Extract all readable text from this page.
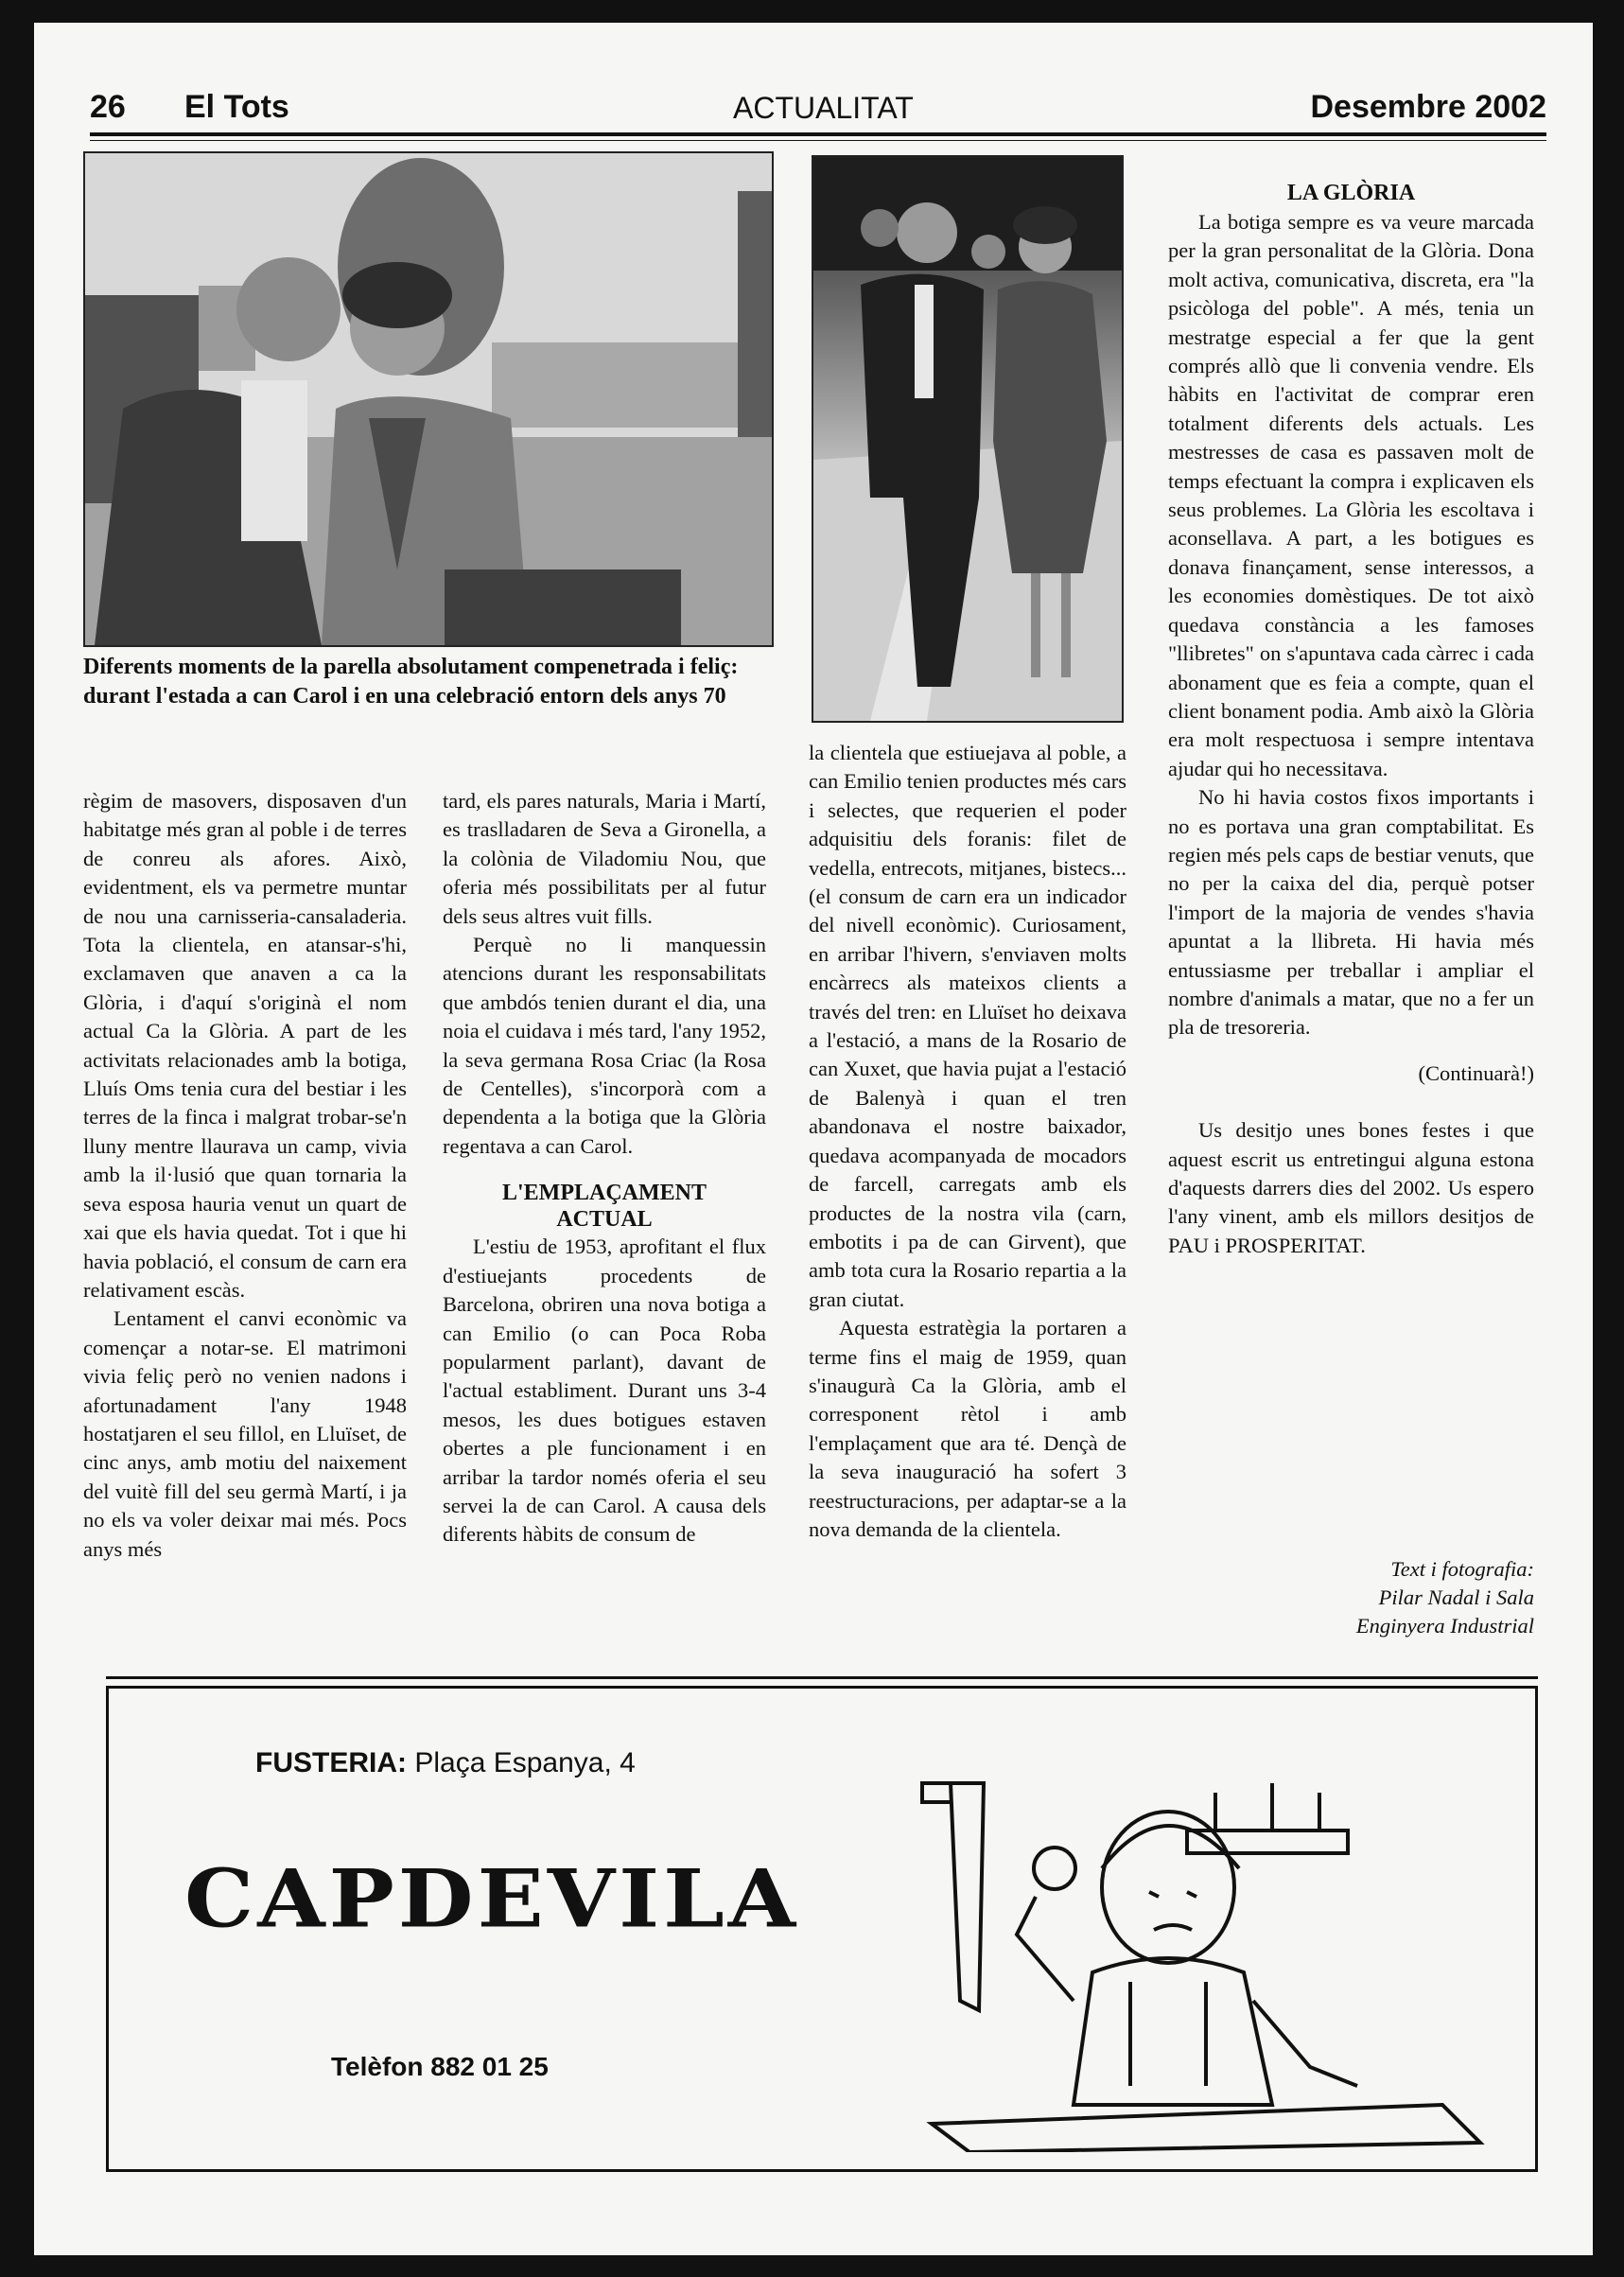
26 El Tots	ACTUALITAT	Desembre 2002
Diferents moments de la parella absolutament compenetrada i feliç: durant l'estada a can Carol i en una celebració entorn dels anys 70

règim de masovers, disposaven d'un habitatge més gran al poble i de terres de conreu als afores. Això, evidentment, els va permetre muntar de nou una carnisseria-cansaladeria. Tota la clientela, en atansar-s'hi, exclamaven que anaven a ca la Glòria, i d'aquí s'originà el nom actual Ca la Glòria. A part de les activitats relacionades amb la botiga, Lluís Oms tenia cura del bestiar i les terres de la finca i malgrat trobar-se'n lluny mentre llaurava un camp, vivia amb la il·lusió que quan tornaria la seva esposa hauria venut un quart de xai que els havia quedat. Tot i que hi havia població, el consum de carn era relativament escàs.

Lentament el canvi econòmic va començar a notar-se. El matrimoni vivia feliç però no venien nadons i afortunadament l'any 1948 hostatjaren el seu fillol, en Lluïset, de cinc anys, amb motiu del naixement del vuitè fill del seu germà Martí, i ja no els va voler deixar mai més. Pocs anys més

tard, els pares naturals, Maria i Martí, es traslladaren de Seva a Gironella, a la colònia de Viladomiu Nou, que oferia més possibilitats per al futur dels seus altres vuit fills.

Perquè no li manquessin atencions durant les responsabilitats que ambdós tenien durant el dia, una noia el cuidava i més tard, l'any 1952, la seva germana Rosa Criac (la Rosa de Centelles), s'incorporà com a dependenta a la botiga que la Glòria regentava a can Carol.

L'EMPLAÇAMENT ACTUAL

L'estiu de 1953, aprofitant el flux d'estiuejants procedents de Barcelona, obriren una nova botiga a can Emilio (o can Poca Roba popularment parlant), davant de l'actual establiment. Durant uns 3-4 mesos, les dues botigues estaven obertes a ple funcionament i en arribar la tardor només oferia el seu servei la de can Carol. A causa dels diferents hàbits de consum de

la clientela que estiuejava al poble, a can Emilio tenien productes més cars i selectes, que requerien el poder adquisitiu dels foranis: filet de vedella, entrecots, mitjanes, bistecs... (el consum de carn era un indicador del nivell econòmic). Curiosament, en arribar l'hivern, s'enviaven molts encàrrecs als mateixos clients a través del tren: en Lluïset ho deixava a l'estació, a mans de la Rosario de can Xuxet, que havia pujat a l'estació de Balenyà i quan el tren abandonava el nostre baixador, quedava acompanyada de mocadors de farcell, carregats amb els productes de la nostra vila (carn, embotits i pa de can Girvent), que amb tota cura la Rosario repartia a la gran ciutat.

Aquesta estratègia la portaren a terme fins el maig de 1959, quan s'inaugurà Ca la Glòria, amb el corresponent rètol i amb l'emplaçament que ara té. Dençà de la seva inauguració ha sofert 3 reestructuracions, per adaptar-se a la nova demanda de la clientela.

LA GLÒRIA

La botiga sempre es va veure marcada per la gran personalitat de la Glòria. Dona molt activa, comunicativa, discreta, era "la psicòloga del poble". A més, tenia un mestratge especial a fer que la gent comprés allò que li convenia vendre. Els hàbits en l'activitat de comprar eren totalment diferents dels actuals. Les mestresses de casa es passaven molt de temps efectuant la compra i explicaven els seus problemes. La Glòria les escoltava i aconsellava. A part, a les botigues es donava finançament, sense interessos, a les economies domèstiques. De tot això quedava constància a les famoses "llibretes" on s'apuntava cada càrrec i cada abonament que es feia a compte, quan el client bonament podia. Amb això la Glòria era molt respectuosa i sempre intentava ajudar qui ho necessitava.

No hi havia costos fixos importants i no es portava una gran comptabilitat. Es regien més pels caps de bestiar venuts, que no per la caixa del dia, perquè potser l'import de la majoria de vendes s'havia apuntat a la llibreta. Hi havia més entussiasme per treballar i ampliar el nombre d'animals a matar, que no a fer un pla de tresoreria.

(Continuarà!)

Us desitjo unes bones festes i que aquest escrit us entretingui alguna estona d'aquests darrers dies del 2002. Us espero l'any vinent, amb els millors desitjos de PAU i PROSPERITAT.

Text i fotografia:
Pilar Nadal i Sala
Enginyera Industrial
FUSTERIA: Plaça Espanya, 4
CAPDEVILA
Telèfon 882 01 25
